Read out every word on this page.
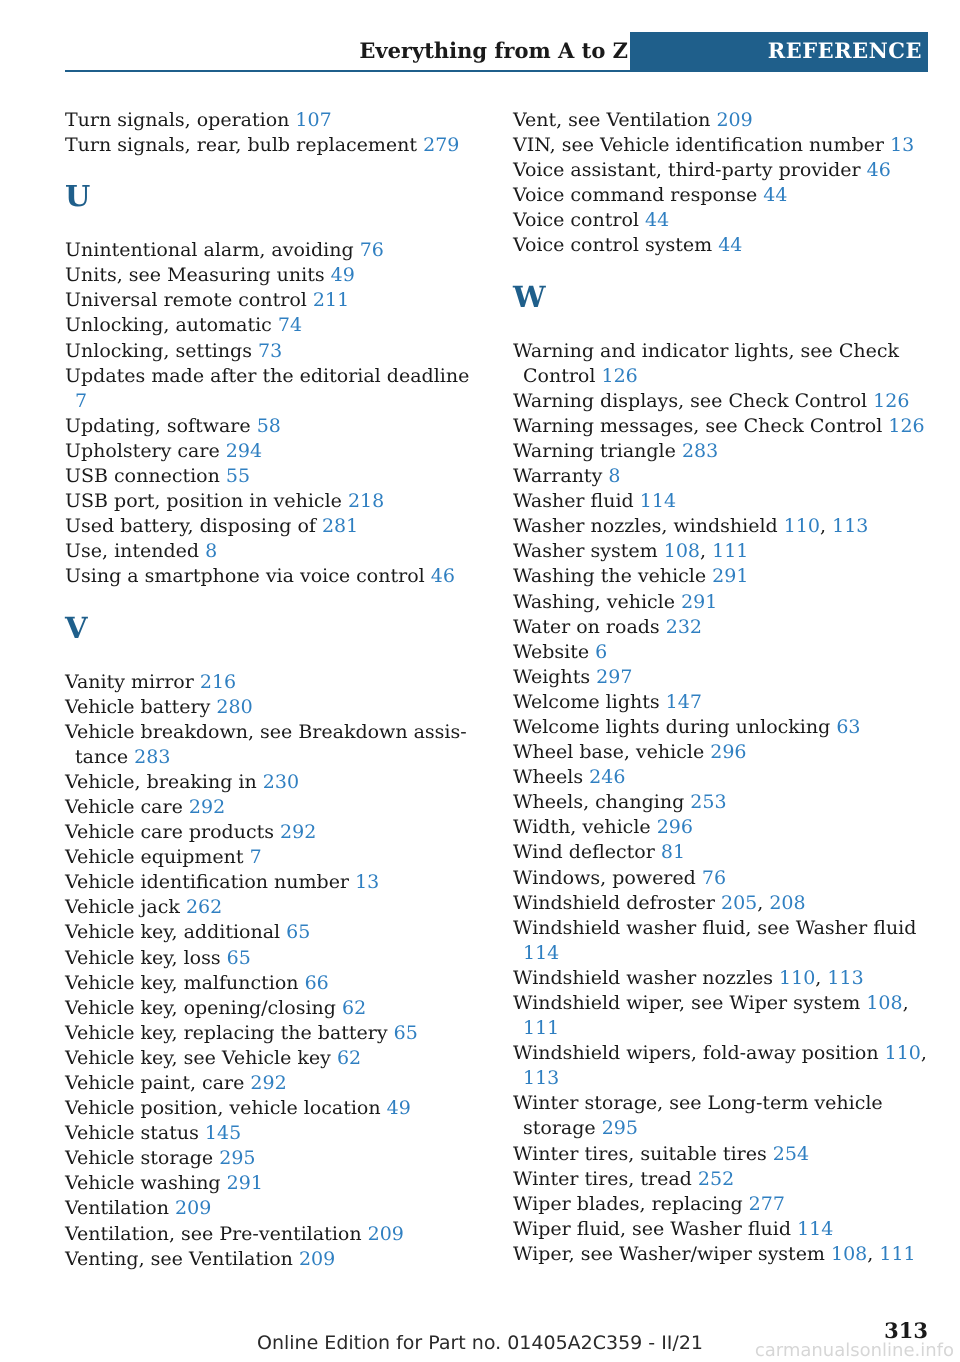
Everything from A to Z	REFERENCE
Turn signals, operation 107
Turn signals, rear, bulb replacement 279
U
Unintentional alarm, avoiding 76
Units, see Measuring units 49
Universal remote control 211
Unlocking, automatic 74
Unlocking, settings 73
Updates made after the editorial deadline 7
Updating, software 58
Upholstery care 294
USB connection 55
USB port, position in vehicle 218
Used battery, disposing of 281
Use, intended 8
Using a smartphone via voice control 46
V
Vanity mirror 216
Vehicle battery 280
Vehicle breakdown, see Breakdown assistance 283
Vehicle, breaking in 230
Vehicle care 292
Vehicle care products 292
Vehicle equipment 7
Vehicle identification number 13
Vehicle jack 262
Vehicle key, additional 65
Vehicle key, loss 65
Vehicle key, malfunction 66
Vehicle key, opening/closing 62
Vehicle key, replacing the battery 65
Vehicle key, see Vehicle key 62
Vehicle paint, care 292
Vehicle position, vehicle location 49
Vehicle status 145
Vehicle storage 295
Vehicle washing 291
Ventilation 209
Ventilation, see Pre-ventilation 209
Venting, see Ventilation 209
Vent, see Ventilation 209
VIN, see Vehicle identification number 13
Voice assistant, third-party provider 46
Voice command response 44
Voice control 44
Voice control system 44
W
Warning and indicator lights, see Check Control 126
Warning displays, see Check Control 126
Warning messages, see Check Control 126
Warning triangle 283
Warranty 8
Washer fluid 114
Washer nozzles, windshield 110, 113
Washer system 108, 111
Washing the vehicle 291
Washing, vehicle 291
Water on roads 232
Website 6
Weights 297
Welcome lights 147
Welcome lights during unlocking 63
Wheel base, vehicle 296
Wheels 246
Wheels, changing 253
Width, vehicle 296
Wind deflector 81
Windows, powered 76
Windshield defroster 205, 208
Windshield washer fluid, see Washer fluid 114
Windshield washer nozzles 110, 113
Windshield wiper, see Wiper system 108, 111
Windshield wipers, fold-away position 110, 113
Winter storage, see Long-term vehicle storage 295
Winter tires, suitable tires 254
Winter tires, tread 252
Wiper blades, replacing 277
Wiper fluid, see Washer fluid 114
Wiper, see Washer/wiper system 108, 111
Online Edition for Part no. 01405A2C359 - II/21	313
carmanualsonline.info
